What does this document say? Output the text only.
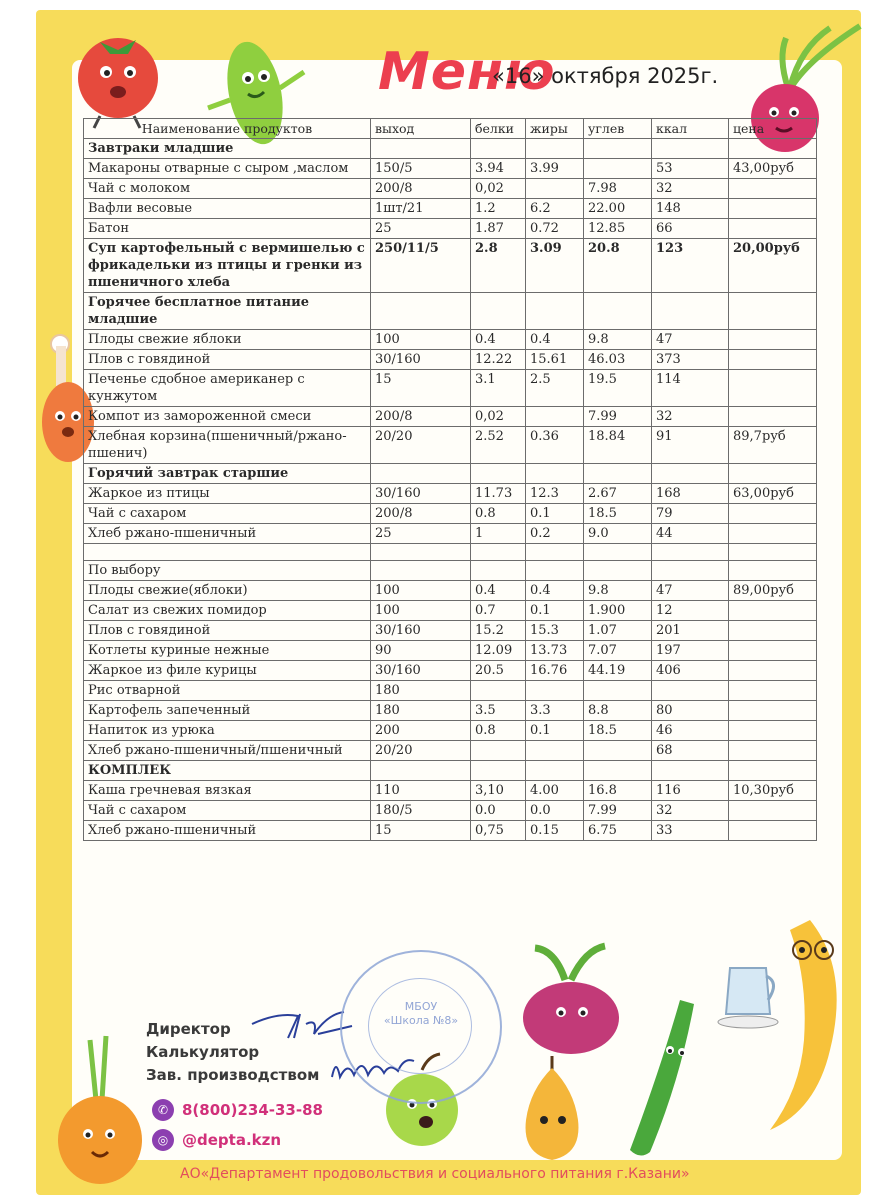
Меню
«16» октября 2025г.
Наименование продуктов	выход	белки	жиры	углев	ккал	цена
Завтраки младшие						
Макароны отварные с сыром ,маслом	150/5	3.94	3.99		53	43,00руб
Чай с молоком	200/8	0,02		7.98	32	
Вафли весовые	1шт/21	1.2	6.2	22.00	148	
Батон	25	1.87	0.72	12.85	66	
Суп картофельный с вермишелью с фрикадельки из птицы и гренки из пшеничного хлеба	250/11/5	2.8	3.09	20.8	123	20,00руб
Горячее бесплатное питание младшие						
Плоды свежие яблоки	100	0.4	0.4	9.8	47	
Плов с говядиной	30/160	12.22	15.61	46.03	373	
Печенье сдобное американер с кунжутом	15	3.1	2.5	19.5	114	
Компот из замороженной смеси	200/8	0,02		7.99	32	
Хлебная корзина(пшеничный/ржано-пшенич)	20/20	2.52	0.36	18.84	91	89,7руб
Горячий завтрак старшие						
Жаркое из птицы	30/160	11.73	12.3	2.67	168	63,00руб
Чай с сахаром	200/8	0.8	0.1	18.5	79	
Хлеб ржано-пшеничный	25	1	0.2	9.0	44	

По выбору						
Плоды свежие(яблоки)	100	0.4	0.4	9.8	47	89,00руб
Салат из свежих помидор	100	0.7	0.1	1.900	12	
Плов с говядиной	30/160	15.2	15.3	1.07	201	
Котлеты куриные нежные	90	12.09	13.73	7.07	197	
Жаркое из филе курицы	30/160	20.5	16.76	44.19	406	
Рис отварной	180					
Картофель запеченный	180	3.5	3.3	8.8	80	
Напиток из урюка	200	0.8	0.1	18.5	46	
Хлеб ржано-пшеничный/пшеничный	20/20				68	
КОМПЛЕК						
Каша гречневая вязкая	110	3,10	4.00	16.8	116	10,30руб
Чай с сахаром	180/5	0.0	0.0	7.99	32	
Хлеб ржано-пшеничный	15	0,75	0.15	6.75	33	
МБОУ
«Школа №8»
Директор
Калькулятор
Зав. производством
✆ 8(800)234-33-88
◎ @depta.kzn
АО«Департамент продовольствия и социального питания г.Казани»
